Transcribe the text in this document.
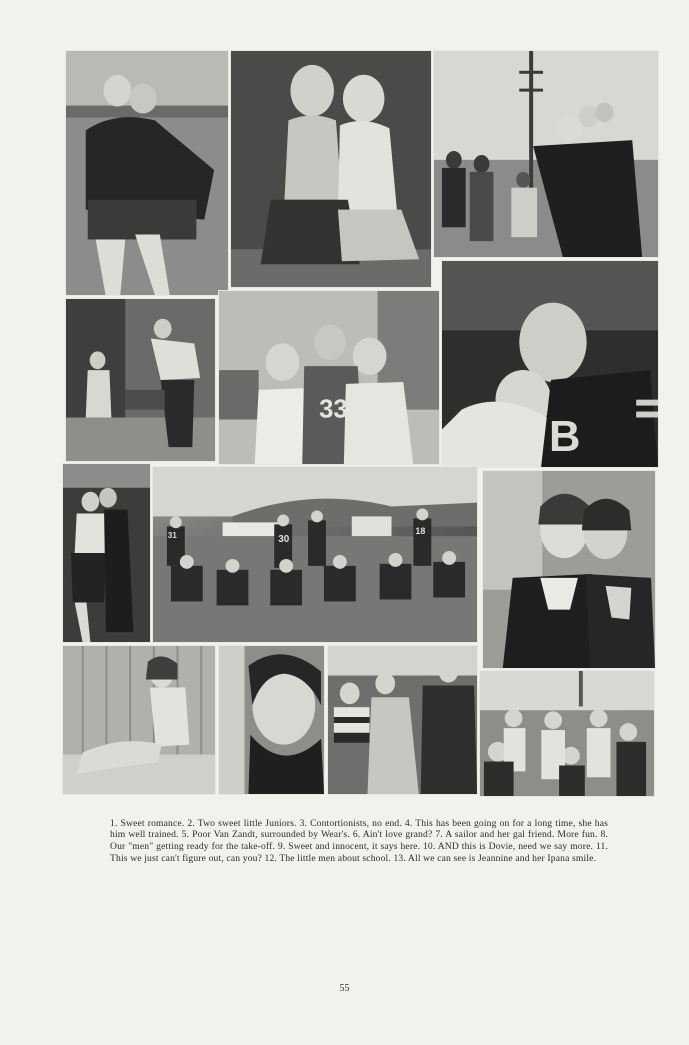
33
B
30
31	18

1. Sweet romance. 2. Two sweet little Juniors. 3. Contortionists, no end. 4. This has been going on for a long time, she has him well trained. 5. Poor Van Zandt, surrounded by Wear's. 6. Ain't love grand? 7. A sailor and her gal friend. More fun. 8. Our "men" getting ready for the take-off. 9. Sweet and innocent, it says here. 10. AND this is Dovie, need we say more. 11. This we just can't figure out, can you? 12. The little men about school. 13. All we can see is Jeannine and her Ipana smile.

55
